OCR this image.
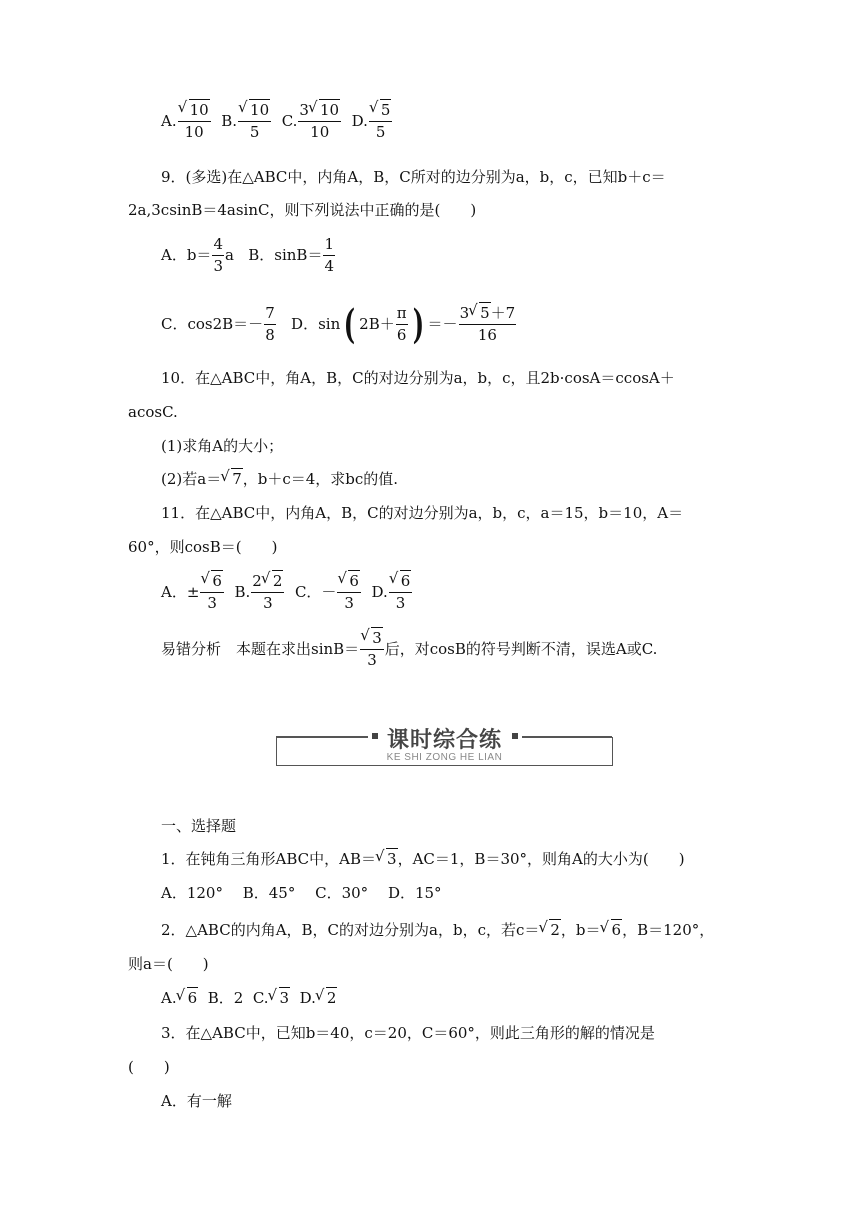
A. √ $\frac{10}{10} B$. √ $\frac{10}{5} C$. $\frac{3 √ 10}{10} D$. √ $\frac{5}{5}$
9．(多选)在△ABC中，内角A，B，C所对的边分别为a，b，c，已知b＋c＝
2a,3csinB＝4asinC，则下列说法中正确的是(　　)
A．$b= \frac{4}{3}$ a B．$\sin B= \frac{1}{4}$
C．$\cos 2B=- \frac{7}{8}$ D．sin( $2B+ \frac{\pi}{6}$ ) ＝－ $\frac{3 √ 5+7}{16}$
10．在△ABC中，角A，B，C的对边分别为a，b，c，且2b·cosA＝ccosA＋
acosC.
(1)求角A的大小；
(2)若a＝ √ 7，b＋c＝4，求bc的值.
11．在△ABC中，内角A，B，C的对边分别为a，b，c，a＝15，b＝10，A＝
60°，则cosB＝(　　)
A．± √ $\frac{6}{3} B$. $\frac{2 √ 2}{3}$ C．－ √ $\frac{6}{3} D$. √ $\frac{6}{3}$
易错分析　本题在求出sinB＝ √ $\frac{3}{3}$ 后，对cosB的符号判断不清，误选A或C.
课时综合练
KE SHI ZONG HE LIAN
一、选择题
1．在钝角三角形ABC中，AB＝ √ 3，AC＝1，B＝30°，则角A的大小为(　　)
A．120°　 B．45°　 C．30°　 D．15°
2．△ABC的内角A，B，C的对边分别为a，b，c，若c＝ √ 2，b＝ √ 6，B＝120°，
则a＝(　　)
A. √ 6 B．2 C. √ 3 D. √ 2
3．在△ABC中，已知b＝40，c＝20，C＝60°，则此三角形的解的情况是
(　　)
A．有一解
